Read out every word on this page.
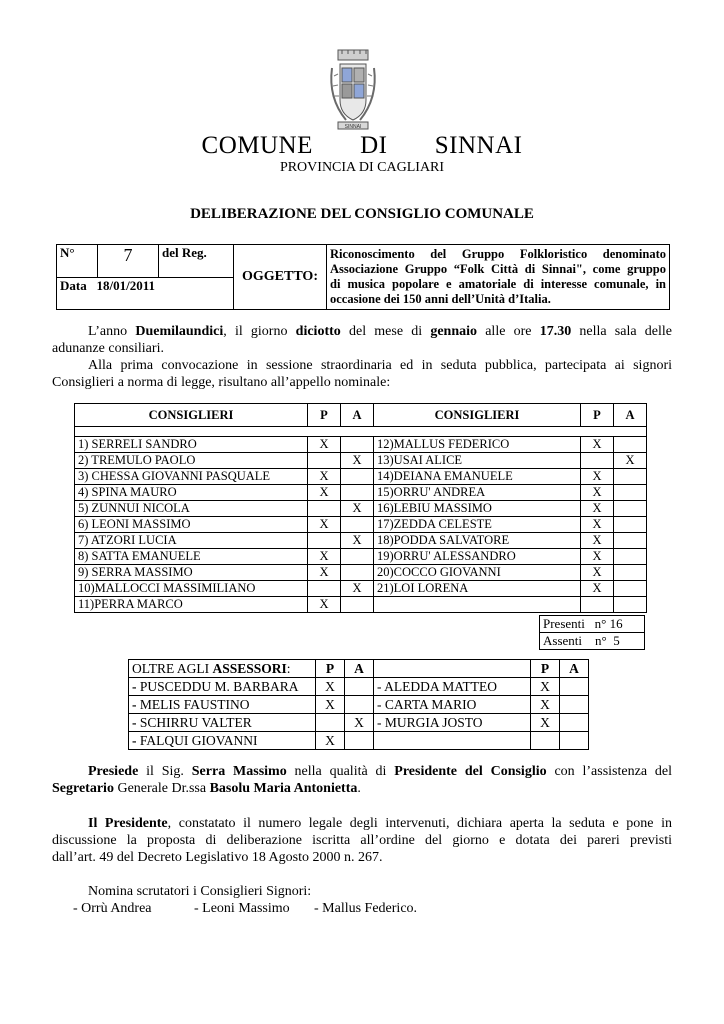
SINNAI
COMUNE   DI   SINNAI
PROVINCIA DI CAGLIARI
DELIBERAZIONE DEL CONSIGLIO COMUNALE
N°	7	del Reg.	OGGETTO:	
Riconoscimento del Gruppo Folkloristico denominato
Associazione Gruppo “Folk Città di Sinnai", come gruppo
di musica popolare e amatoriale di interesse comunale, in
occasione dei 150 anni dell’Unità d’Italia.

Data 18/01/2011
L’anno Duemilaundici, il giorno diciotto del mese di gennaio alle ore 17.30 nella sala delle
adunanze consiliari.
Alla prima convocazione in sessione straordinaria ed in seduta pubblica, partecipata ai signori
Consiglieri a norma di legge, risultano all’appello nominale:
CONSIGLIERI	P	A	CONSIGLIERI	P	A

1) SERRELI SANDRO	X		12)MALLUS FEDERICO	X	
2) TREMULO PAOLO		X	13)USAI ALICE		X
3) CHESSA GIOVANNI PASQUALE	X		14)DEIANA EMANUELE	X	
4) SPINA MAURO	X		15)ORRU' ANDREA	X	
5) ZUNNUI NICOLA		X	16)LEBIU MASSIMO	X	
6) LEONI MASSIMO	X		17)ZEDDA CELESTE	X	
7) ATZORI LUCIA		X	18)PODDA SALVATORE	X	
8) SATTA EMANUELE	X		19)ORRU' ALESSANDRO	X	
9) SERRA MASSIMO	X		20)COCCO GIOVANNI	X	
10)MALLOCCI MASSIMILIANO		X	21)LOI LORENA	X	
11)PERRA MARCO	X				
Presenti   n° 16
Assenti    n°  5
OLTRE AGLI ASSESSORI:	P	A		P	A
- PUSCEDDU M. BARBARA	X		- ALEDDA MATTEO	X	
- MELIS FAUSTINO	X		- CARTA MARIO	X	
- SCHIRRU VALTER		X	- MURGIA JOSTO	X	
- FALQUI GIOVANNI	X				
Presiede il Sig. Serra Massimo nella qualità di Presidente del Consiglio con l’assistenza del
Segretario Generale Dr.ssa Basolu Maria Antonietta.
Il Presidente, constatato il numero legale degli intervenuti, dichiara aperta la seduta e pone in
discussione la proposta di deliberazione iscritta all’ordine del giorno e dotata dei pareri previsti
dall’art. 49 del Decreto Legislativo 18 Agosto 2000 n. 267.
Nomina scrutatori i Consiglieri Signori:
- Orrù Andrea	- Leoni Massimo - Mallus Federico.
